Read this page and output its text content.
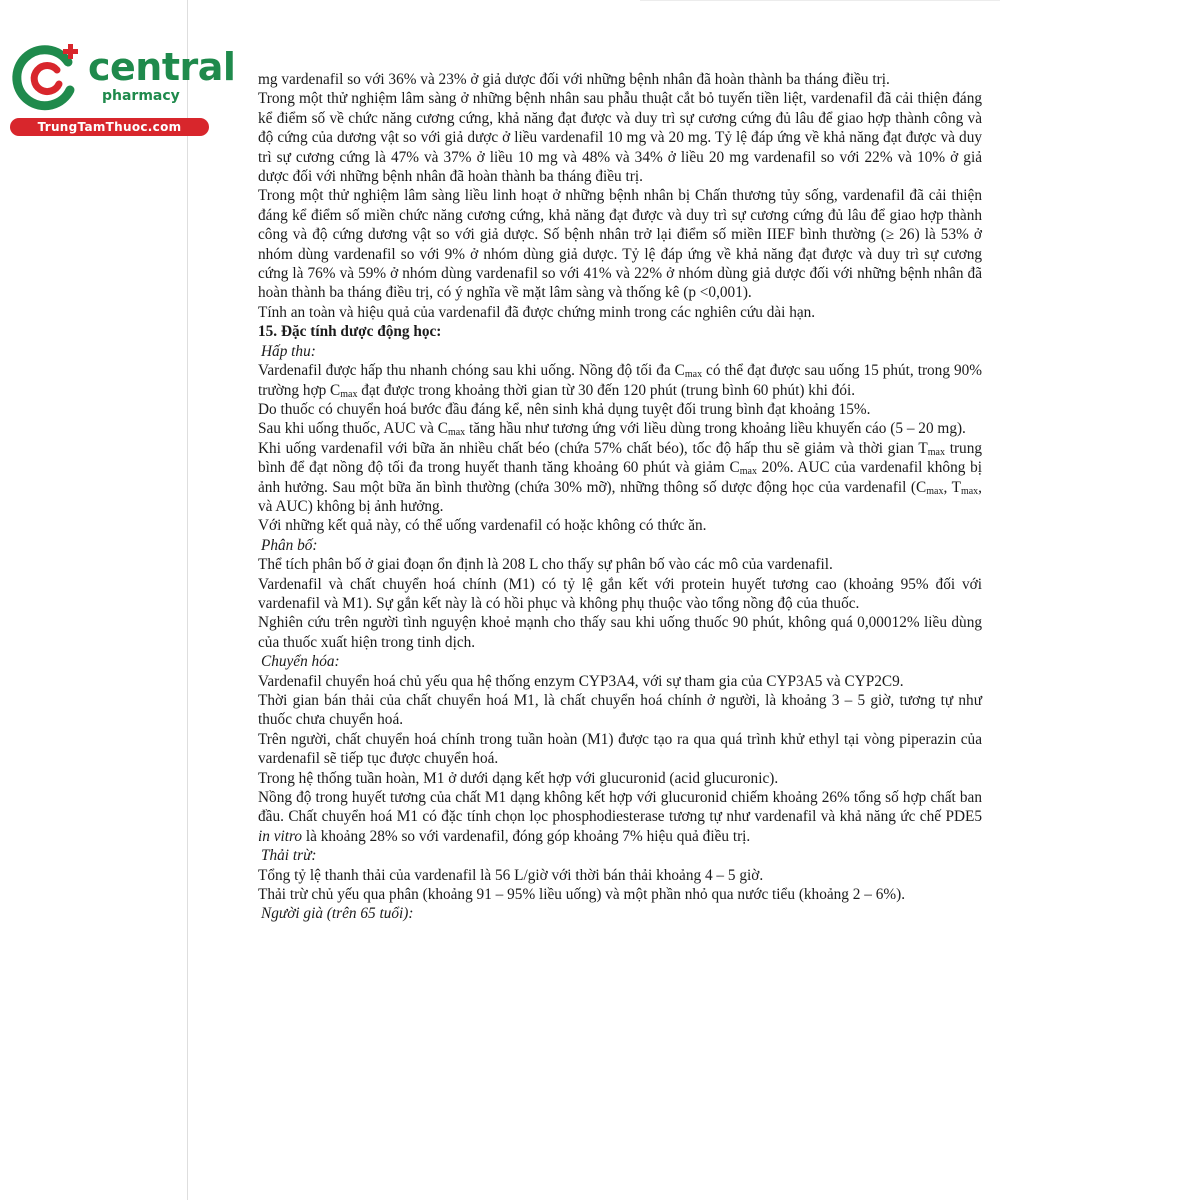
central
pharmacy
TrungTamThuoc.com

mg vardenafil so với 36% và 23% ở giả dược đối với những bệnh nhân đã hoàn thành ba tháng điều trị.

Trong một thử nghiệm lâm sàng ở những bệnh nhân sau phẫu thuật cắt bỏ tuyến tiền liệt, vardenafil đã cải thiện đáng kể điểm số về chức năng cương cứng, khả năng đạt được và duy trì sự cương cứng đủ lâu để giao hợp thành công và độ cứng của dương vật so với giả dược ở liều vardenafil 10 mg và 20 mg. Tỷ lệ đáp ứng về khả năng đạt được và duy trì sự cương cứng là 47% và 37% ở liều 10 mg và 48% và 34% ở liều 20 mg vardenafil so với 22% và 10% ở giả dược đối với những bệnh nhân đã hoàn thành ba tháng điều trị.

Trong một thử nghiệm lâm sàng liều linh hoạt ở những bệnh nhân bị Chấn thương tủy sống, vardenafil đã cải thiện đáng kể điểm số miền chức năng cương cứng, khả năng đạt được và duy trì sự cương cứng đủ lâu để giao hợp thành công và độ cứng dương vật so với giả dược. Số bệnh nhân trở lại điểm số miền IIEF bình thường (≥ 26) là 53% ở nhóm dùng vardenafil so với 9% ở nhóm dùng giả dược. Tỷ lệ đáp ứng về khả năng đạt được và duy trì sự cương cứng là 76% và 59% ở nhóm dùng vardenafil so với 41% và 22% ở nhóm dùng giả dược đối với những bệnh nhân đã hoàn thành ba tháng điều trị, có ý nghĩa về mặt lâm sàng và thống kê (p <0,001).

Tính an toàn và hiệu quả của vardenafil đã được chứng minh trong các nghiên cứu dài hạn.

15. Đặc tính dược động học:

Hấp thu:

Vardenafil được hấp thu nhanh chóng sau khi uống. Nồng độ tối đa $C_{max}$ có thể đạt được sau uống 15 phút, trong 90% trường hợp $C_{max}$ đạt được trong khoảng thời gian từ 30 đến 120 phút (trung bình 60 phút) khi đói.

Do thuốc có chuyển hoá bước đầu đáng kể, nên sinh khả dụng tuyệt đối trung bình đạt khoảng 15%.

Sau khi uống thuốc, AUC và $C_{max}$ tăng hầu như tương ứng với liều dùng trong khoảng liều khuyến cáo (5 – 20 mg).

Khi uống vardenafil với bữa ăn nhiều chất béo (chứa 57% chất béo), tốc độ hấp thu sẽ giảm và thời gian $T_{max}$ trung bình để đạt nồng độ tối đa trong huyết thanh tăng khoảng 60 phút và giảm $C_{max}$ 20%. AUC của vardenafil không bị ảnh hưởng. Sau một bữa ăn bình thường (chứa 30% mỡ), những thông số dược động học của vardenafil ($C_{max}$, $T_{max}$, và AUC) không bị ảnh hưởng.

Với những kết quả này, có thể uống vardenafil có hoặc không có thức ăn.

Phân bố:

Thể tích phân bố ở giai đoạn ổn định là 208 L cho thấy sự phân bố vào các mô của vardenafil.

Vardenafil và chất chuyển hoá chính (M1) có tỷ lệ gắn kết với protein huyết tương cao (khoảng 95% đối với vardenafil và M1). Sự gắn kết này là có hồi phục và không phụ thuộc vào tổng nồng độ của thuốc.

Nghiên cứu trên người tình nguyện khoẻ mạnh cho thấy sau khi uống thuốc 90 phút, không quá 0,00012% liều dùng của thuốc xuất hiện trong tinh dịch.

Chuyển hóa:

Vardenafil chuyển hoá chủ yếu qua hệ thống enzym CYP3A4, với sự tham gia của CYP3A5 và CYP2C9.

Thời gian bán thải của chất chuyển hoá M1, là chất chuyển hoá chính ở người, là khoảng 3 – 5 giờ, tương tự như thuốc chưa chuyển hoá.

Trên người, chất chuyển hoá chính trong tuần hoàn (M1) được tạo ra qua quá trình khử ethyl tại vòng piperazin của vardenafil sẽ tiếp tục được chuyển hoá.

Trong hệ thống tuần hoàn, M1 ở dưới dạng kết hợp với glucuronid (acid glucuronic).

Nồng độ trong huyết tương của chất M1 dạng không kết hợp với glucuronid chiếm khoảng 26% tổng số hợp chất ban đầu. Chất chuyển hoá M1 có đặc tính chọn lọc phosphodiesterase tương tự như vardenafil và khả năng ức chế PDE5 in vitro là khoảng 28% so với vardenafil, đóng góp khoảng 7% hiệu quả điều trị.

Thải trừ:

Tổng tỷ lệ thanh thải của vardenafil là 56 L/giờ với thời bán thải khoảng 4 – 5 giờ.

Thải trừ chủ yếu qua phân (khoảng 91 – 95% liều uống) và một phần nhỏ qua nước tiểu (khoảng 2 – 6%).

Người già (trên 65 tuổi):
